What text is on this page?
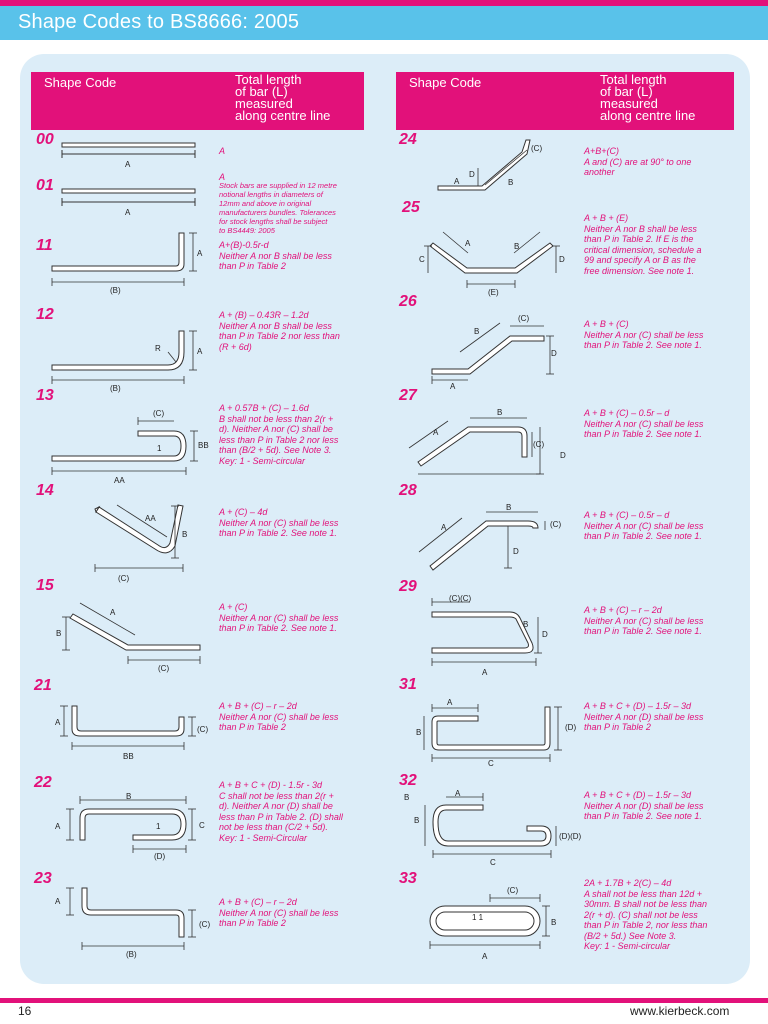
Shape Codes to BS8666: 2005
Shape Code	Total length
of bar (L)
measured
along centre line
Shape Code	Total length
of bar (L)
measured
along centre line
00
A
A
01	A
Stock bars are supplied in 12 metre
notional lengths in diameters of
12mm and above in original
manufacturers bundles. Tolerances
for stock lengths shall be subject
to BS4449: 2005
A
11	A+(B)-0.5r-d
Neither A nor B shall be less
than P in Table 2
A
(B)
12	A + (B) – 0.43R – 1.2d
Neither A nor B shall be less
than P in Table 2 nor less than
(R + 6d)
R	A
(B)
13
A + 0.57B + (C) – 1.6d
B shall not be less than 2(r +
d). Neither A nor (C) shall be
less than P in Table 2 nor less
than (B/2 + 5d). See Note 3.
Key: 1 - Semi-circular
(C)
1	BB
AA
14
A + (C) – 4d
Neither A nor (C) shall be less
than P in Table 2. See note 1.
AA
B
(C)
15
A + (C)
Neither A nor (C) shall be less
than P in Table 2. See note 1.
A
B
(C)
21
A + B + (C) – r – 2d
Neither A nor (C) shall be less
than P in Table 2
A
(C)
BB
22	A + B + C + (D) - 1.5r - 3d
C shall not be less than 2(r +
d). Neither A nor (D) shall be
less than P in Table 2. (D) shall
not be less than (C/2 + 5d).
Key: 1 - Semi-Circular
B
A	1	C
(D)
23
A + B + (C) – r – 2d
Neither A nor (C) shall be less
than P in Table 2
A
(C)
(B)
24
A+B+(C)
A and (C) are at 90° to one
another
(C)
D
A	B
25
A + B + (E)
Neither A nor B shall be less
than P in Table 2. If E is the
critical dimension, schedule a
99 and specify A or B as the
free dimension. See note 1.
A	B
C	D
(E)
26
A + B + (C)
Neither A nor (C) shall be less
than P in Table 2. See note 1.
(C)
B
D
A
27
A + B + (C) – 0.5r – d
Neither A nor (C) shall be less
than P in Table 2. See note 1.
B
A
(C)
D
28
A + B + (C) – 0.5r – d
Neither A nor (C) shall be less
than P in Table 2. See note 1.
B
(C)
A
D
29
A + B + (C) – r – 2d
Neither A nor (C) shall be less
than P in Table 2. See note 1.
(C)(C)
B
D
A
31
A + B + C + (D) – 1.5r – 3d
Neither A nor (D) shall be less
than P in Table 2
A
B
(D)
C
32
A + B + C + (D) – 1.5r – 3d
Neither A nor (D) shall be less
than P in Table 2. See note 1.
B	A
B
(D)(D)
C
33	2A + 1.7B + 2(C) – 4d
A shall not be less than 12d +
30mm. B shall not be less than
2(r + d). (C) shall not be less
than P in Table 2, nor less than
(B/2 + 5d.) See Note 3.
Key: 1 - Semi-circular
(C)
1 1
B
A
16	www.kierbeck.com
